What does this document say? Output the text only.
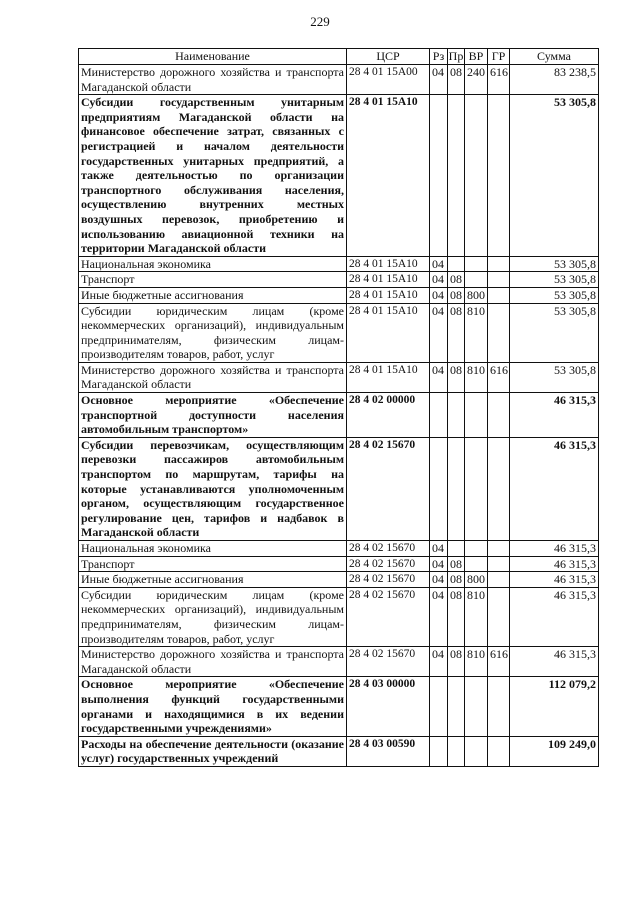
229
Наименование	ЦСР	Рз	Пр	ВР	ГР	Сумма
Министерство дорожного хозяйства и транспорта Магаданской области	28 4 01 15А00	04	08	240	616	83 238,5
Субсидии государственным унитарным предприятиям Магаданской области на финансовое обеспечение затрат, связанных с регистрацией и началом деятельности государственных унитарных предприятий, а также деятельностью по организации транспортного обслуживания населения, осуществлению внутренних местных воздушных перевозок, приобретению и использованию авиационной техники на территории Магаданской области	28 4 01 15А10					53 305,8
Национальная экономика	28 4 01 15А10	04				53 305,8
Транспорт	28 4 01 15А10	04	08			53 305,8
Иные бюджетные ассигнования	28 4 01 15А10	04	08	800		53 305,8
Субсидии юридическим лицам (кроме некоммерческих организаций), индивидуальным предпринимателям, физическим лицам-производителям товаров, работ, услуг	28 4 01 15А10	04	08	810		53 305,8
Министерство дорожного хозяйства и транспорта Магаданской области	28 4 01 15А10	04	08	810	616	53 305,8
Основное мероприятие «Обеспечение транспортной доступности населения автомобильным транспортом»	28 4 02 00000					46 315,3
Субсидии перевозчикам, осуществляющим перевозки пассажиров автомобильным транспортом по маршрутам, тарифы на которые устанавливаются уполномоченным органом, осуществляющим государственное регулирование цен, тарифов и надбавок в Магаданской области	28 4 02 15670					46 315,3
Национальная экономика	28 4 02 15670	04				46 315,3
Транспорт	28 4 02 15670	04	08			46 315,3
Иные бюджетные ассигнования	28 4 02 15670	04	08	800		46 315,3
Субсидии юридическим лицам (кроме некоммерческих организаций), индивидуальным предпринимателям, физическим лицам-производителям товаров, работ, услуг	28 4 02 15670	04	08	810		46 315,3
Министерство дорожного хозяйства и транспорта Магаданской области	28 4 02 15670	04	08	810	616	46 315,3
Основное мероприятие «Обеспечение выполнения функций государственными органами и находящимися в их ведении государственными учреждениями»	28 4 03 00000					112 079,2
Расходы на обеспечение деятельности (оказание услуг) государственных учреждений	28 4 03 00590					109 249,0
